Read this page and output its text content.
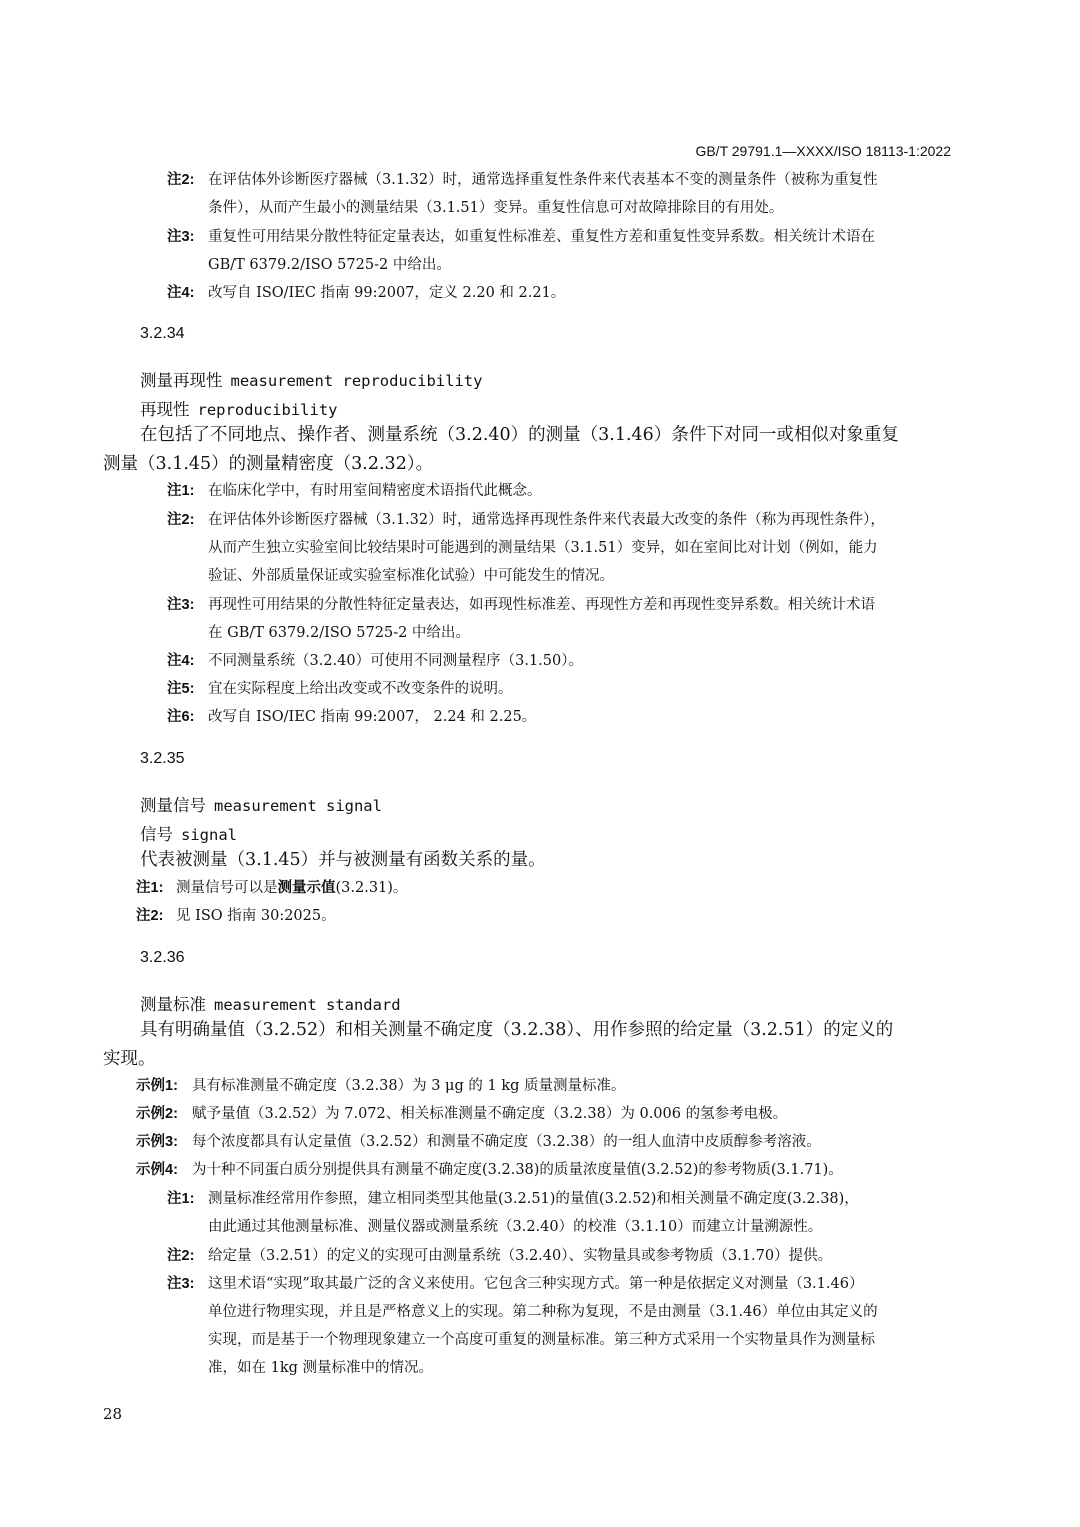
GB/T 29791.1—XXXX/ISO 18113-1:2022
注2: 在评估体外诊断医疗器械（3.1.32）时，通常选择重复性条件来代表基本不变的测量条件（被称为重复性
条件），从而产生最小的测量结果（3.1.51）变异。重复性信息可对故障排除目的有用处。
注3: 重复性可用结果分散性特征定量表达，如重复性标准差、重复性方差和重复性变异系数。相关统计术语在
GB/T 6379.2/ISO 5725-2 中给出。
注4: 改写自 ISO/IEC 指南 99:2007，定义 2.20 和 2.21。
3.2.34
测量再现性 measurement reproducibility
再现性 reproducibility
在包括了不同地点、操作者、测量系统（3.2.40）的测量（3.1.46）条件下对同一或相似对象重复
测量（3.1.45）的测量精密度（3.2.32）。
注1: 在临床化学中，有时用室间精密度术语指代此概念。
注2: 在评估体外诊断医疗器械（3.1.32）时，通常选择再现性条件来代表最大改变的条件（称为再现性条件），
从而产生独立实验室间比较结果时可能遇到的测量结果（3.1.51）变异，如在室间比对计划（例如，能力
验证、外部质量保证或实验室标准化试验）中可能发生的情况。
注3: 再现性可用结果的分散性特征定量表达，如再现性标准差、再现性方差和再现性变异系数。相关统计术语
在 GB/T 6379.2/ISO 5725-2 中给出。
注4: 不同测量系统（3.2.40）可使用不同测量程序（3.1.50）。
注5: 宜在实际程度上给出改变或不改变条件的说明。
注6: 改写自 ISO/IEC 指南 99:2007， 2.24 和 2.25。
3.2.35
测量信号 measurement signal
信号 signal
代表被测量（3.1.45）并与被测量有函数关系的量。
注1: 测量信号可以是测量示值(3.2.31)。
注2: 见 ISO 指南 30:2025。
3.2.36
测量标准 measurement standard
具有明确量值（3.2.52）和相关测量不确定度（3.2.38）、用作参照的给定量（3.2.51）的定义的
实现。
示例1: 具有标准测量不确定度（3.2.38）为 3 μg 的 1 kg 质量测量标准。
示例2: 赋予量值（3.2.52）为 7.072、相关标准测量不确定度（3.2.38）为 0.006 的氢参考电极。
示例3: 每个浓度都具有认定量值（3.2.52）和测量不确定度（3.2.38）的一组人血清中皮质醇参考溶液。
示例4: 为十种不同蛋白质分别提供具有测量不确定度(3.2.38)的质量浓度量值(3.2.52)的参考物质(3.1.71)。
注1: 测量标准经常用作参照，建立相同类型其他量(3.2.51)的量值(3.2.52)和相关测量不确定度(3.2.38)，
由此通过其他测量标准、测量仪器或测量系统（3.2.40）的校准（3.1.10）而建立计量溯源性。
注2: 给定量（3.2.51）的定义的实现可由测量系统（3.2.40）、实物量具或参考物质（3.1.70）提供。
注3: 这里术语“实现”取其最广泛的含义来使用。它包含三种实现方式。第一种是依据定义对测量（3.1.46）
单位进行物理实现，并且是严格意义上的实现。第二种称为复现，不是由测量（3.1.46）单位由其定义的
实现，而是基于一个物理现象建立一个高度可重复的测量标准。第三种方式采用一个实物量具作为测量标
准，如在 1kg 测量标准中的情况。
28
